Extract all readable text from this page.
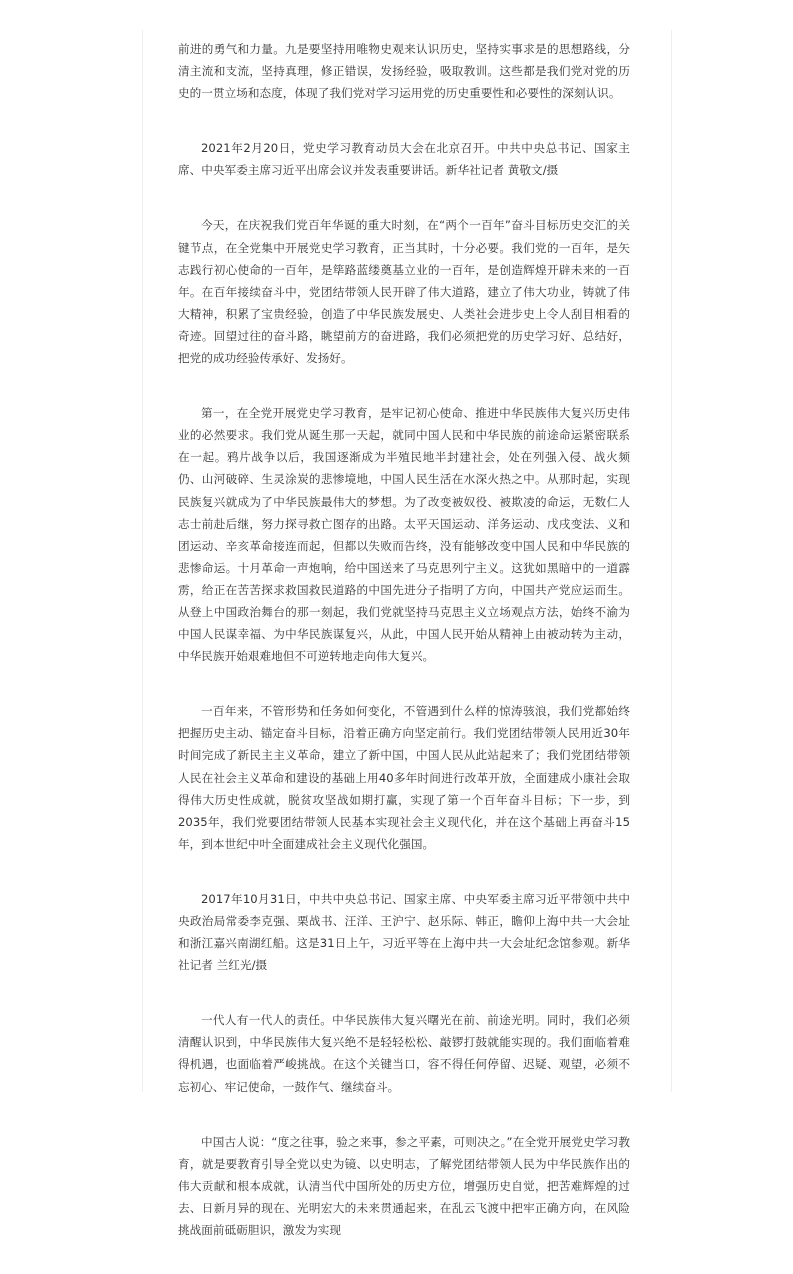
前进的勇气和力量。九是要坚持用唯物史观来认识历史，坚持实事求是的思想路线，分清主流和支流，坚持真理，修正错误，发扬经验，吸取教训。这些都是我们党对党的历史的一贯立场和态度，体现了我们党对学习运用党的历史重要性和必要性的深刻认识。

2021年2月20日，党史学习教育动员大会在北京召开。中共中央总书记、国家主席、中央军委主席习近平出席会议并发表重要讲话。新华社记者 黄敬文/摄

今天，在庆祝我们党百年华诞的重大时刻，在“两个一百年”奋斗目标历史交汇的关键节点，在全党集中开展党史学习教育，正当其时，十分必要。我们党的一百年，是矢志践行初心使命的一百年，是筚路蓝缕奠基立业的一百年，是创造辉煌开辟未来的一百年。在百年接续奋斗中，党团结带领人民开辟了伟大道路，建立了伟大功业，铸就了伟大精神，积累了宝贵经验，创造了中华民族发展史、人类社会进步史上令人刮目相看的奇迹。回望过往的奋斗路，眺望前方的奋进路，我们必须把党的历史学习好、总结好，把党的成功经验传承好、发扬好。

第一，在全党开展党史学习教育，是牢记初心使命、推进中华民族伟大复兴历史伟业的必然要求。我们党从诞生那一天起，就同中国人民和中华民族的前途命运紧密联系在一起。鸦片战争以后，我国逐渐成为半殖民地半封建社会，处在列强入侵、战火频仍、山河破碎、生灵涂炭的悲惨境地，中国人民生活在水深火热之中。从那时起，实现民族复兴就成为了中华民族最伟大的梦想。为了改变被奴役、被欺凌的命运，无数仁人志士前赴后继，努力探寻救亡图存的出路。太平天国运动、洋务运动、戊戌变法、义和团运动、辛亥革命接连而起，但都以失败而告终，没有能够改变中国人民和中华民族的悲惨命运。十月革命一声炮响，给中国送来了马克思列宁主义。这犹如黑暗中的一道霹雳，给正在苦苦探求救国救民道路的中国先进分子指明了方向，中国共产党应运而生。从登上中国政治舞台的那一刻起，我们党就坚持马克思主义立场观点方法，始终不渝为中国人民谋幸福、为中华民族谋复兴，从此，中国人民开始从精神上由被动转为主动，中华民族开始艰难地但不可逆转地走向伟大复兴。

一百年来，不管形势和任务如何变化，不管遇到什么样的惊涛骇浪，我们党都始终把握历史主动、锚定奋斗目标，沿着正确方向坚定前行。我们党团结带领人民用近30年时间完成了新民主主义革命，建立了新中国，中国人民从此站起来了；我们党团结带领人民在社会主义革命和建设的基础上用40多年时间进行改革开放，全面建成小康社会取得伟大历史性成就，脱贫攻坚战如期打赢，实现了第一个百年奋斗目标；下一步，到2035年，我们党要团结带领人民基本实现社会主义现代化，并在这个基础上再奋斗15年，到本世纪中叶全面建成社会主义现代化强国。

2017年10月31日，中共中央总书记、国家主席、中央军委主席习近平带领中共中央政治局常委李克强、栗战书、汪洋、王沪宁、赵乐际、韩正，瞻仰上海中共一大会址和浙江嘉兴南湖红船。这是31日上午，习近平等在上海中共一大会址纪念馆参观。新华社记者 兰红光/摄

一代人有一代人的责任。中华民族伟大复兴曙光在前、前途光明。同时，我们必须清醒认识到，中华民族伟大复兴绝不是轻轻松松、敲锣打鼓就能实现的。我们面临着难得机遇，也面临着严峻挑战。在这个关键当口，容不得任何停留、迟疑、观望，必须不忘初心、牢记使命，一鼓作气、继续奋斗。

中国古人说：“度之往事，验之来事，参之平素，可则决之。”在全党开展党史学习教育，就是要教育引导全党以史为镜、以史明志，了解党团结带领人民为中华民族作出的伟大贡献和根本成就，认清当代中国所处的历史方位，增强历史自觉，把苦难辉煌的过去、日新月异的现在、光明宏大的未来贯通起来，在乱云飞渡中把牢正确方向，在风险挑战面前砥砺胆识，激发为实现
